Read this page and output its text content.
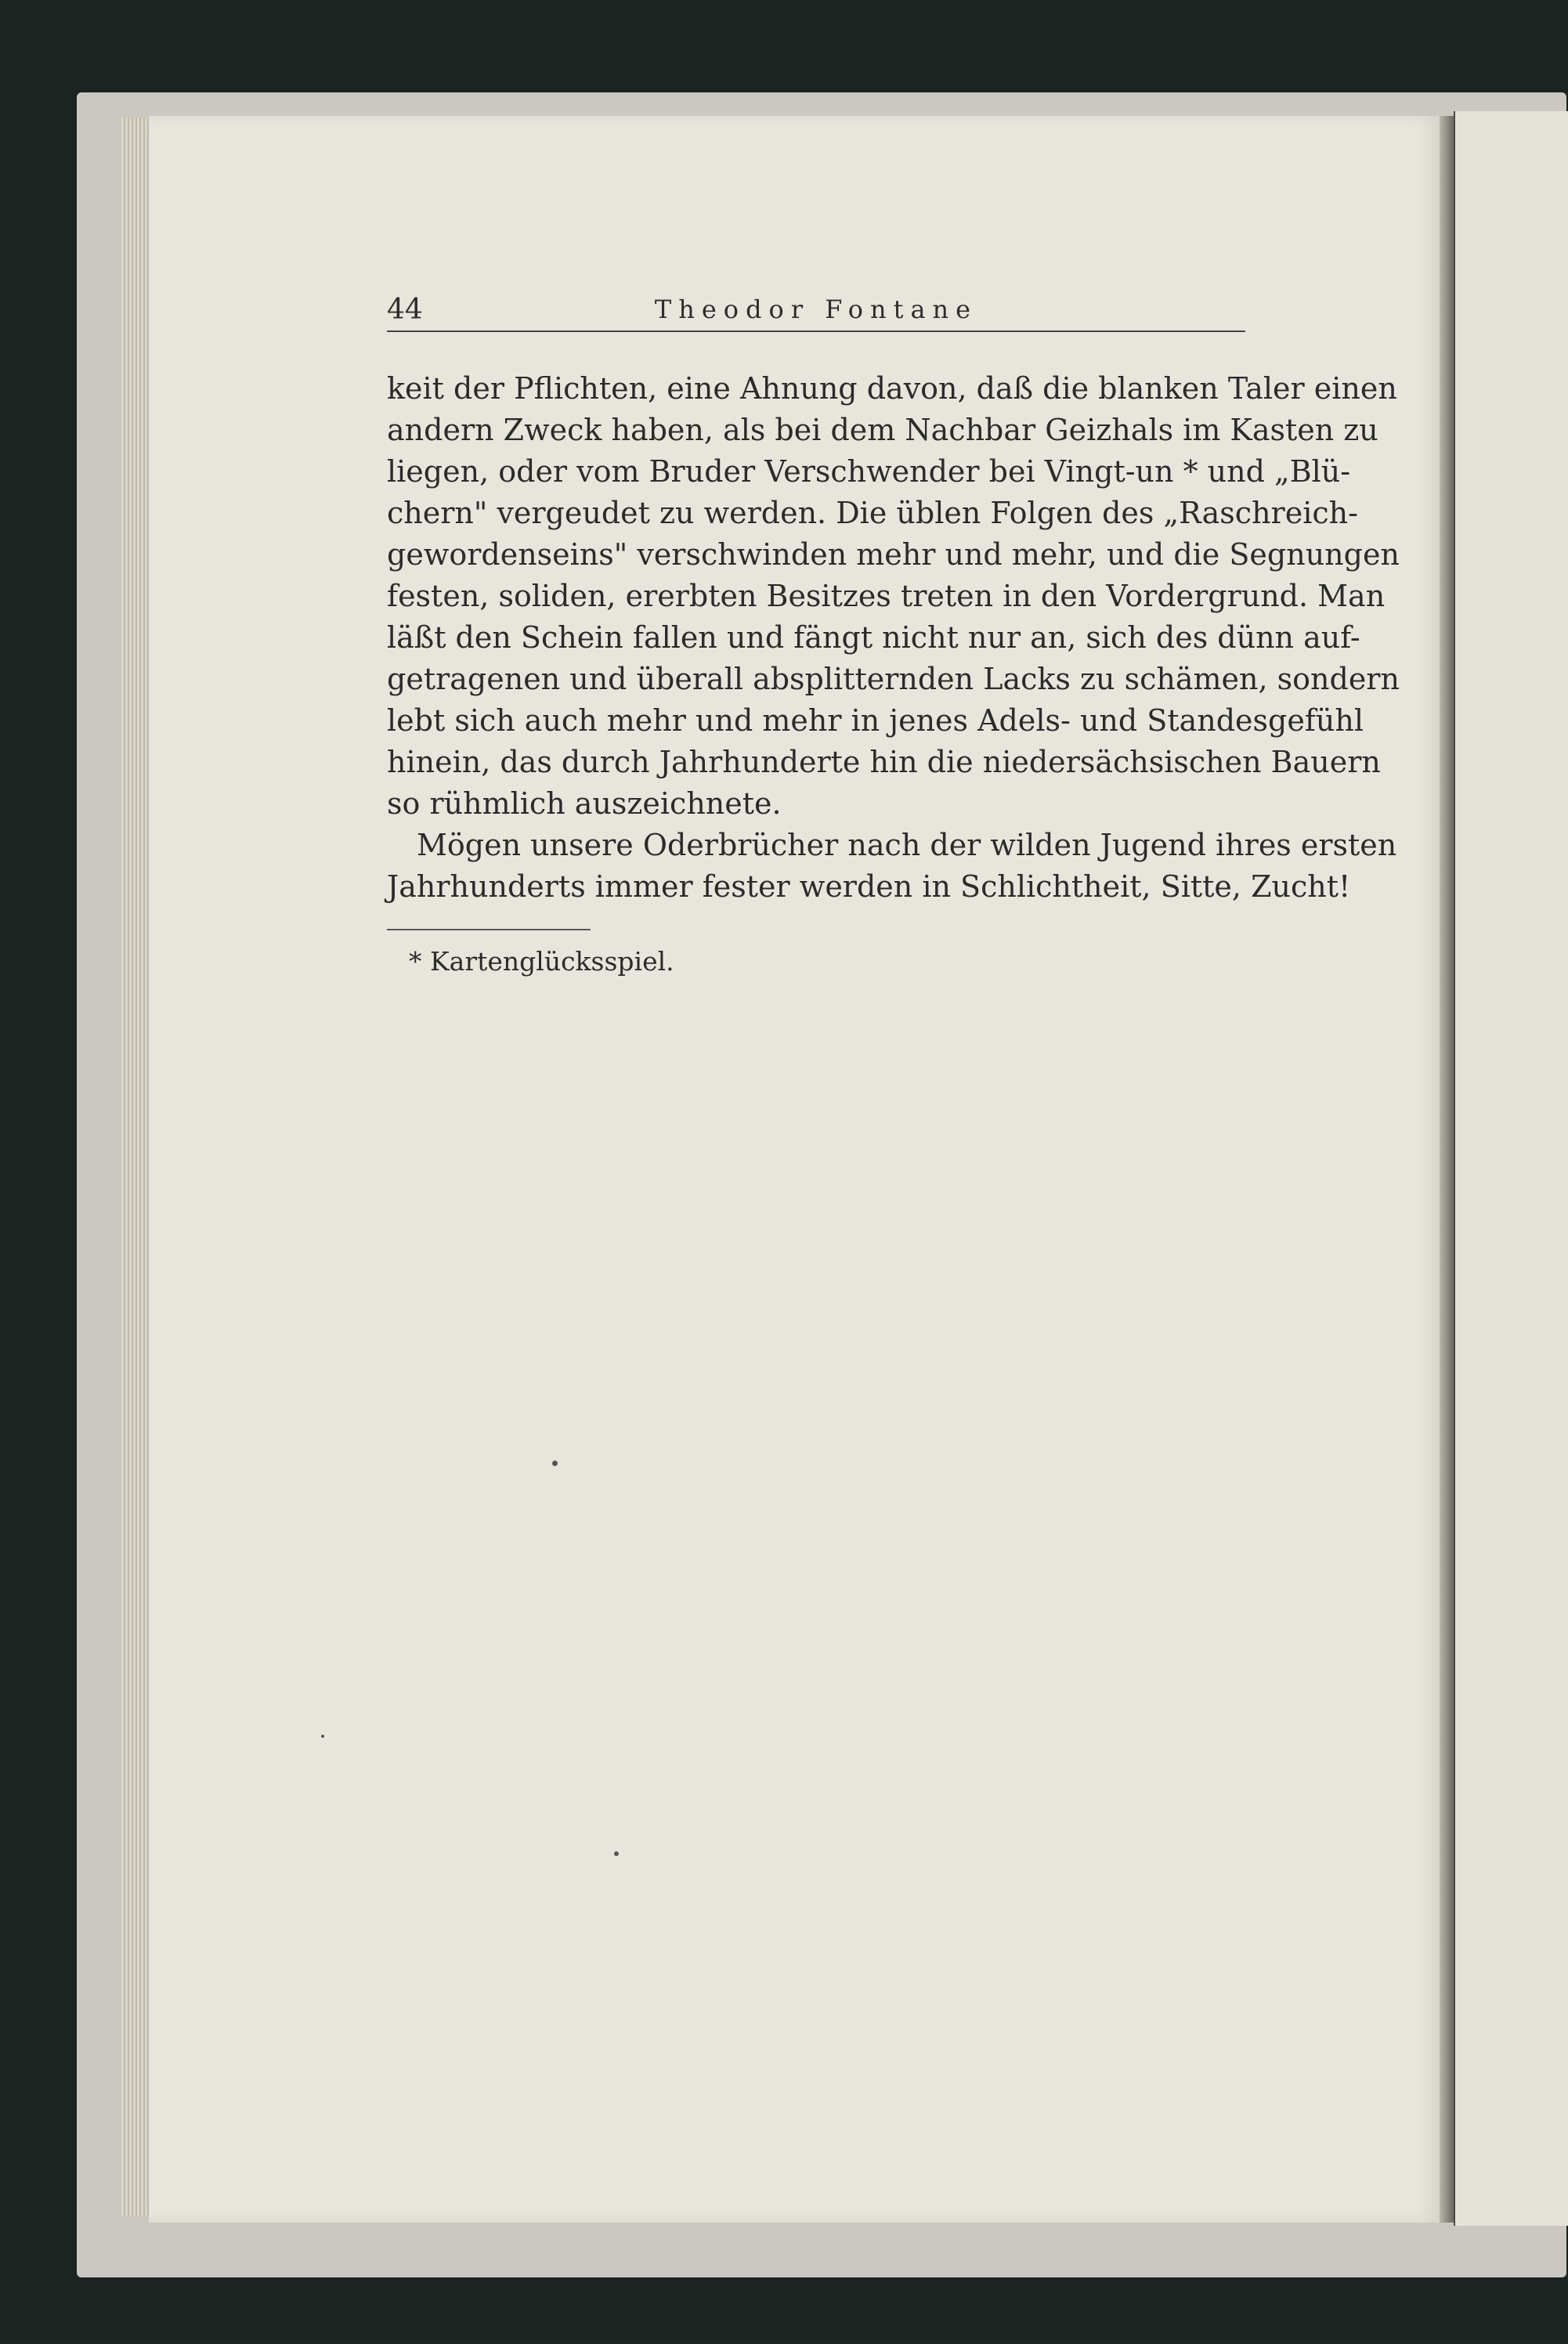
44	Theodor Fontane
keit der Pflichten, eine Ahnung davon, daß die blanken Taler einen
andern Zweck haben, als bei dem Nachbar Geizhals im Kasten zu
liegen, oder vom Bruder Verschwender bei Vingt-un * und „Blü-
chern" vergeudet zu werden. Die üblen Folgen des „Raschreich-
gewordenseins" verschwinden mehr und mehr, und die Segnungen
festen, soliden, ererbten Besitzes treten in den Vordergrund. Man
läßt den Schein fallen und fängt nicht nur an, sich des dünn auf-
getragenen und überall absplitternden Lacks zu schämen, sondern
lebt sich auch mehr und mehr in jenes Adels- und Standesgefühl
hinein, das durch Jahrhunderte hin die niedersächsischen Bauern
so rühmlich auszeichnete.
Mögen unsere Oderbrücher nach der wilden Jugend ihres ersten
Jahrhunderts immer fester werden in Schlichtheit, Sitte, Zucht!
* Kartenglücksspiel.
